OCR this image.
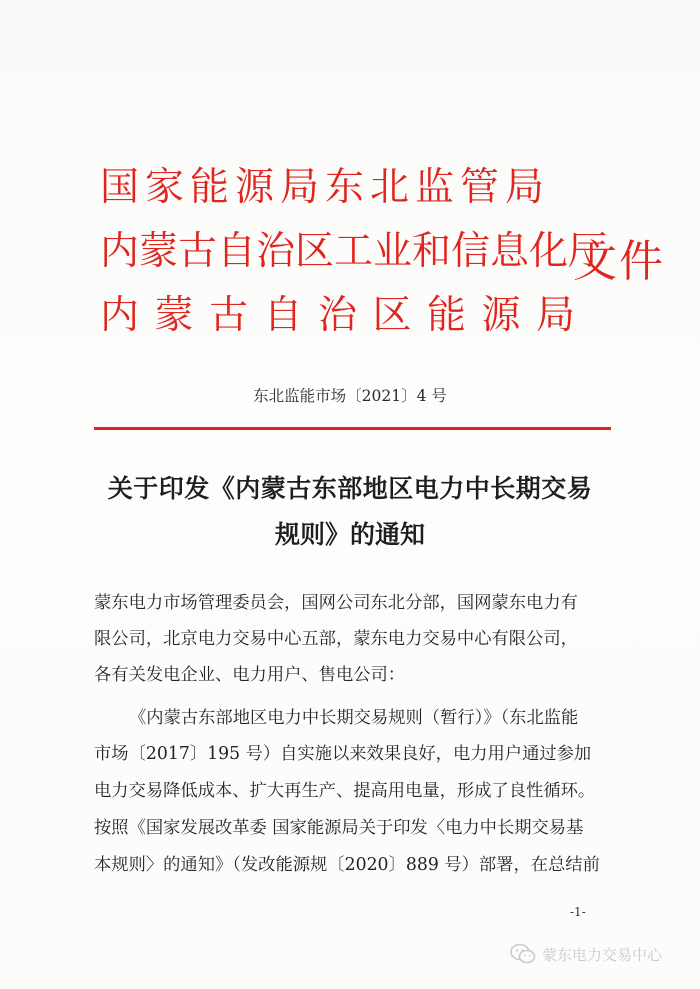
国家能源局东北监管局
内蒙古自治区工业和信息化厅
内蒙古自治区能源局
文件
东北监能市场〔2021〕4 号
关于印发《内蒙古东部地区电力中长期交易
规则》的通知
蒙东电力市场管理委员会，国网公司东北分部，国网蒙东电力有
限公司，北京电力交易中心五部，蒙东电力交易中心有限公司，
各有关发电企业、电力用户、售电公司：
《内蒙古东部地区电力中长期交易规则（暂行）》（东北监能
市场〔2017〕195 号）自实施以来效果良好，电力用户通过参加
电力交易降低成本、扩大再生产、提高用电量，形成了良性循环。
按照《国家发展改革委 国家能源局关于印发〈电力中长期交易基
本规则〉的通知》（发改能源规〔2020〕889 号）部署，在总结前
-1-
蒙东电力交易中心
